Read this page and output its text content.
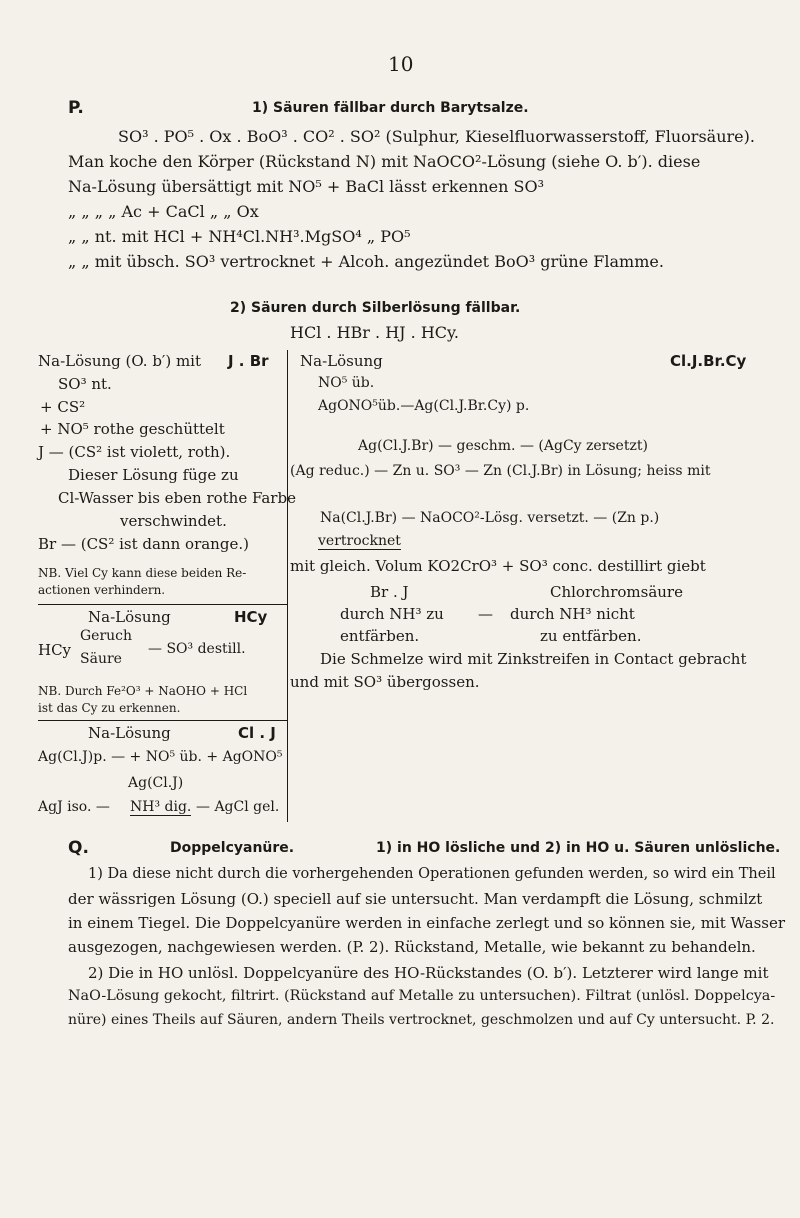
10
P.	1) Säuren fällbar durch Barytsalze.
SO³ . PO⁵ . Ox . BoO³ . CO² . SO² (Sulphur, Kieselfluorwasserstoff, Fluorsäure).
Man koche den Körper (Rückstand N) mit NaOCO²-Lösung (siehe O. b′). diese
Na-Lösung übersättigt mit NO⁵ + BaCl lässt erkennen SO³
„ „ „ „ Ac + CaCl „ „ Ox
„ „ nt. mit HCl + NH⁴Cl.NH³.MgSO⁴ „ PO⁵
„ „ mit übsch. SO³ vertrocknet + Alcoh. angezündet BoO³ grüne Flamme.
2) Säuren durch Silberlösung fällbar.
HCl . HBr . HJ . HCy.
Na-Lösung (O. b′) mit J . Br
SO³ nt.
+ CS²
+ NO⁵ rothe geschüttelt
J — (CS² ist violett, roth).
Dieser Lösung füge zu
Cl-Wasser bis eben rothe Farbe
verschwindet.
Br — (CS² ist dann orange.)
NB. Viel Cy kann diese beiden Re-
actionen verhindern.
Na-Lösung	HCy
HCy
Geruch
Säure
— SO³ destill.
NB. Durch Fe²O³ + NaOHO + HCl
ist das Cy zu erkennen.
Na-Lösung	Cl . J
Ag(Cl.J)p. — + NO⁵ üb. + AgONO⁵
Ag(Cl.J)
AgJ iso. — NH³ dig. — AgCl gel.
Na-Lösung	Cl.J.Br.Cy
NO⁵ üb.
AgONO⁵üb.—Ag(Cl.J.Br.Cy) p.
Ag(Cl.J.Br) — geschm. — (AgCy zersetzt)
(Ag reduc.) — Zn u. SO³ — Zn (Cl.J.Br) in Lösung; heiss mit
Na(Cl.J.Br) — NaOCO²-Lösg. versetzt. — (Zn p.)
vertrocknet
mit gleich. Volum KO2CrO³ + SO³ conc. destillirt giebt
Br . J	Chlorchromsäure
durch NH³ zu — durch NH³ nicht
entfärben.	zu entfärben.
Die Schmelze wird mit Zinkstreifen in Contact gebracht
und mit SO³ übergossen.
Q.	Doppelcyanüre.	1) in HO lösliche und 2) in HO u. Säuren unlösliche.
1) Da diese nicht durch die vorhergehenden Operationen gefunden werden, so wird ein Theil
der wässrigen Lösung (O.) speciell auf sie untersucht. Man verdampft die Lösung, schmilzt
in einem Tiegel. Die Doppelcyanüre werden in einfache zerlegt und so können sie, mit Wasser
ausgezogen, nachgewiesen werden. (P. 2). Rückstand, Metalle, wie bekannt zu behandeln.
2) Die in HO unlösl. Doppelcyanüre des HO-Rückstandes (O. b′). Letzterer wird lange mit
NaO-Lösung gekocht, filtrirt. (Rückstand auf Metalle zu untersuchen). Filtrat (unlösl. Doppelcya-
nüre) eines Theils auf Säuren, andern Theils vertrocknet, geschmolzen und auf Cy untersucht. P. 2.
